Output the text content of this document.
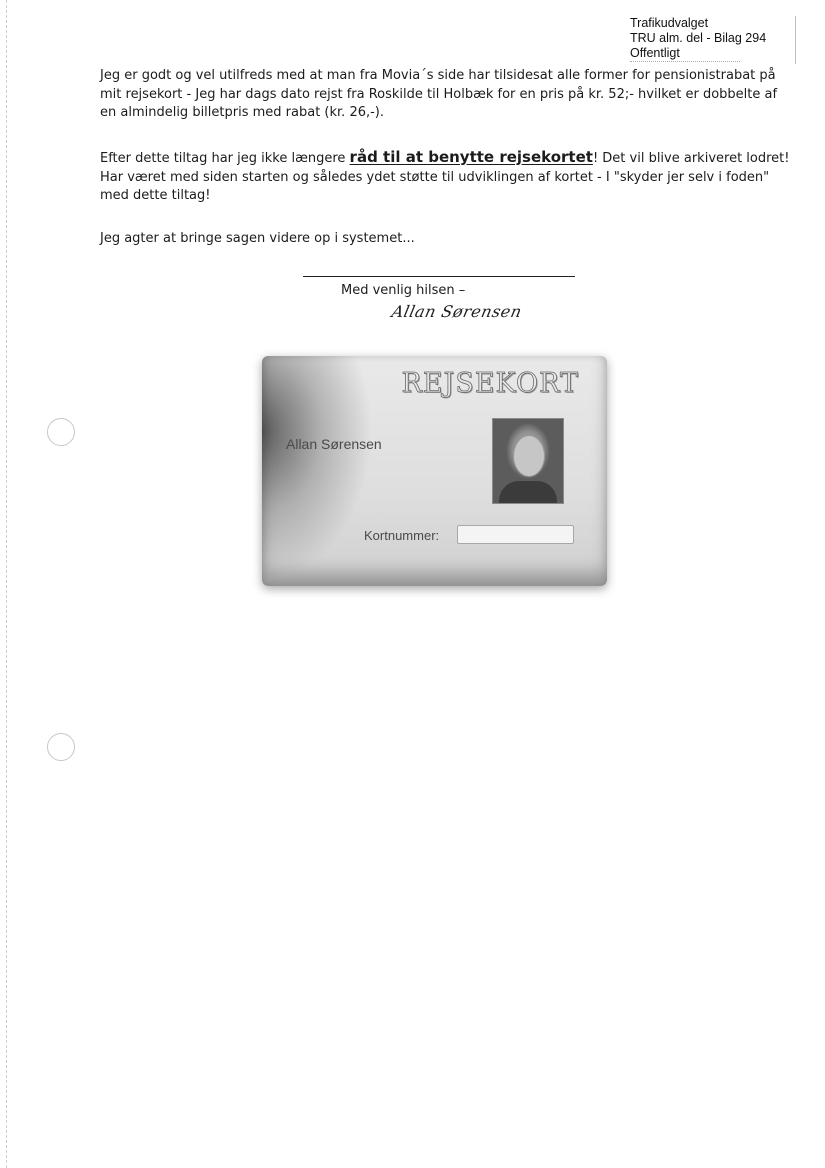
Trafikudvalget
TRU alm. del - Bilag 294
Offentligt
Jeg er godt og vel utilfreds med at man fra Movia´s side har tilsidesat alle former for pensionistrabat på mit rejsekort - Jeg har dags dato rejst fra Roskilde til Holbæk for en pris på kr. 52;- hvilket er dobbelte af en almindelig billetpris med rabat (kr. 26,-).
Efter dette tiltag har jeg ikke længere råd til at benytte rejsekortet! Det vil blive arkiveret lodret! Har været med siden starten og således ydet støtte til udviklingen af kortet - I "skyder jer selv i foden" med dette tiltag!
Jeg agter at bringe sagen videre op i systemet...
Med venlig hilsen –
Allan Sørensen
REJSEKORT
Allan Sørensen
Kortnummer:
